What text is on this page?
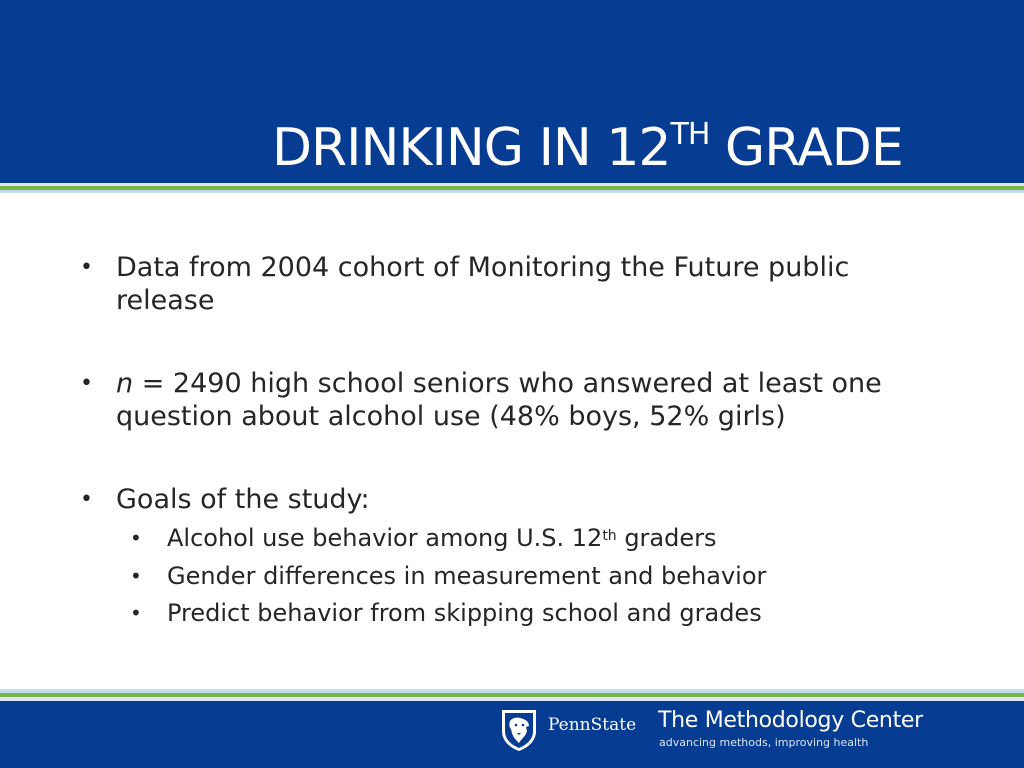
DRINKING IN 12TH GRADE
• Data from 2004 cohort of Monitoring the Future public release
• n = 2490 high school seniors who answered at least one question about alcohol use (48% boys, 52% girls)
• Goals of the study:
• Alcohol use behavior among U.S. 12th graders
• Gender differences in measurement and behavior
• Predict behavior from skipping school and grades
PennState The Methodology Center
advancing methods, improving health
